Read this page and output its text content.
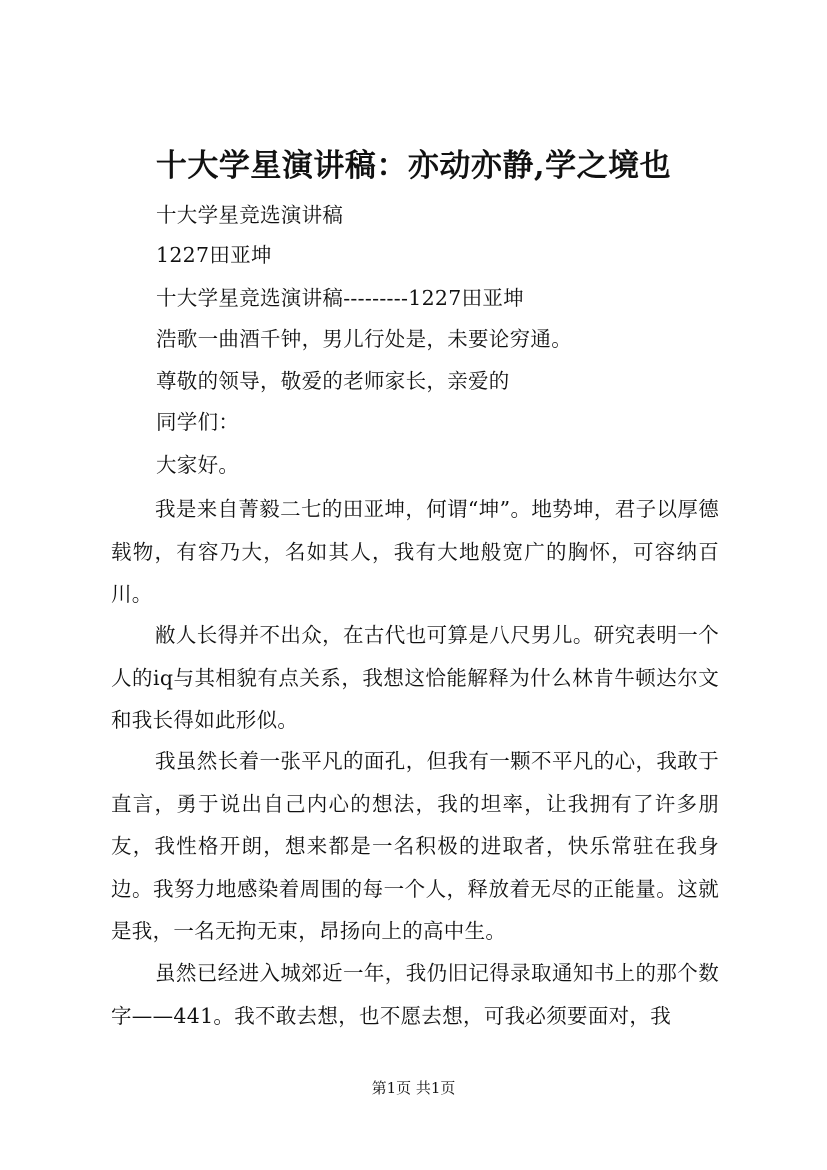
十大学星演讲稿：亦动亦静,学之境也
十大学星竞选演讲稿
1227田亚坤
十大学星竞选演讲稿---------1227田亚坤
浩歌一曲酒千钟，男儿行处是，未要论穷通。
尊敬的领导，敬爱的老师家长，亲爱的
同学们：
大家好。
我是来自菁毅二七的田亚坤，何谓“坤”。地势坤，君子以厚德载物，有容乃大，名如其人，我有大地般宽广的胸怀，可容纳百川。
敝人长得并不出众，在古代也可算是八尺男儿。研究表明一个人的iq与其相貌有点关系，我想这恰能解释为什么林肯牛顿达尔文和我长得如此形似。
我虽然长着一张平凡的面孔，但我有一颗不平凡的心，我敢于直言，勇于说出自己内心的想法，我的坦率，让我拥有了许多朋友，我性格开朗，想来都是一名积极的进取者，快乐常驻在我身边。我努力地感染着周围的每一个人，释放着无尽的正能量。这就是我，一名无拘无束，昂扬向上的高中生。
虽然已经进入城郊近一年，我仍旧记得录取通知书上的那个数字——441。我不敢去想，也不愿去想，可我必须要面对，我
第1页 共1页
